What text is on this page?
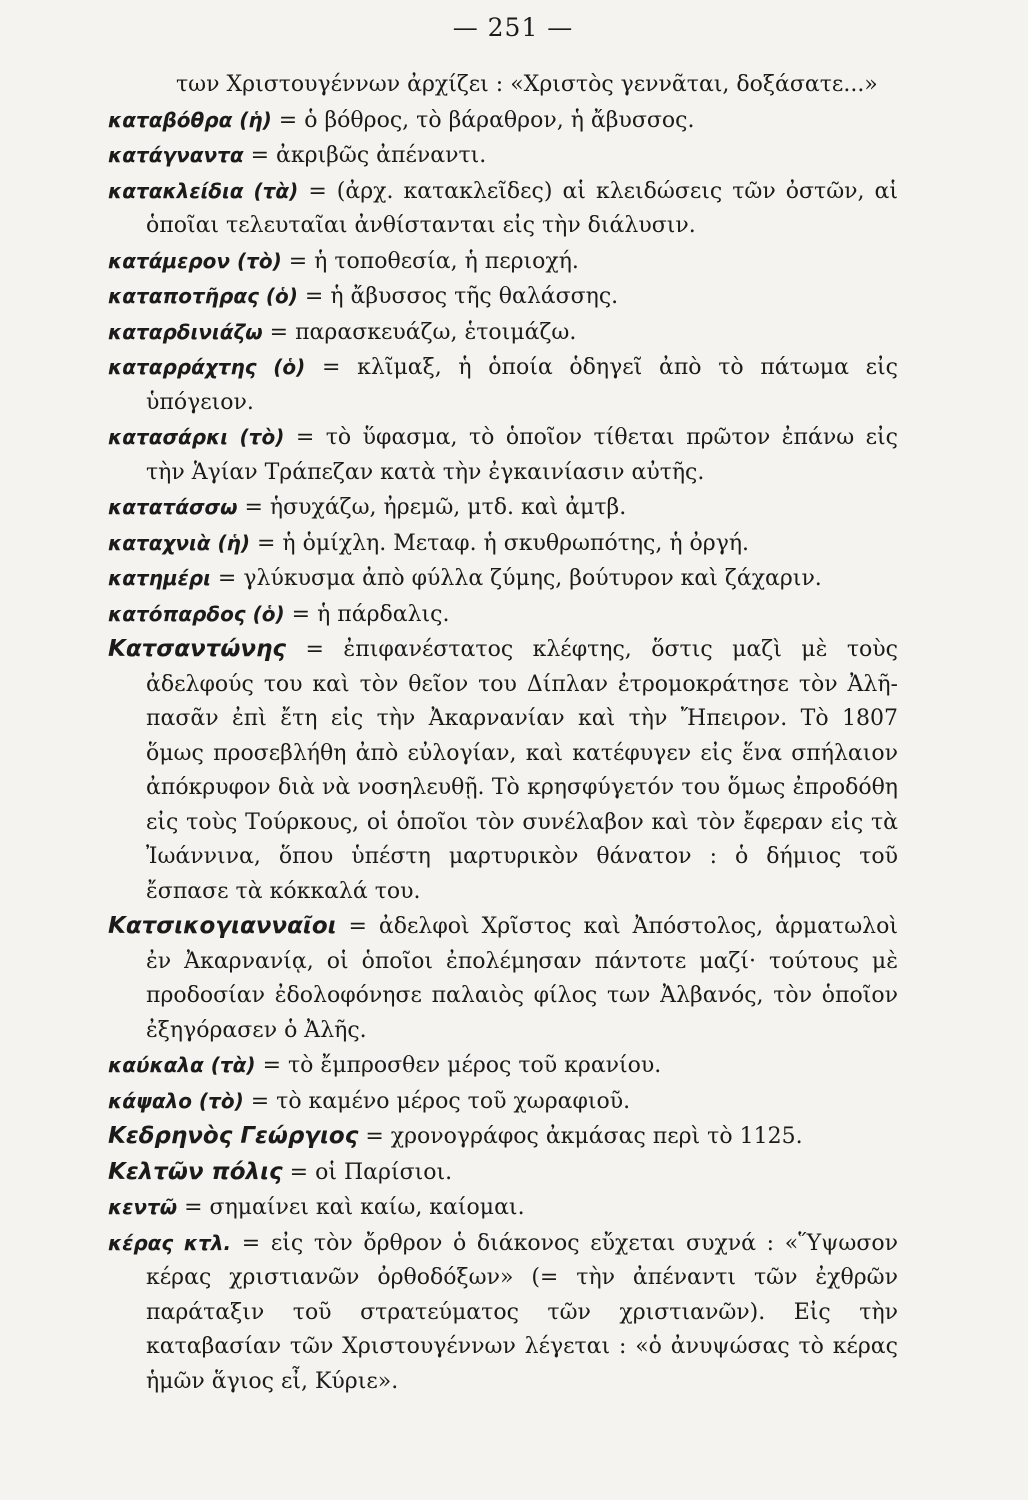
— 251 —

των Χριστουγέννων ἀρχίζει : «Χριστὸς γεννᾶται, δοξάσατε...»

καταβόθρα (ἡ) = ὁ βόθρος, τὸ βάραθρον, ἡ ἄβυσσος.

κατάγναντα = ἀκριβῶς ἀπέναντι.

κατακλείδια (τὰ) = (ἀρχ. κατακλεῖδες) αἱ κλειδώσεις τῶν ὀστῶν, αἱ ὁποῖαι τελευταῖαι ἀνθίστανται εἰς τὴν διάλυσιν.

κατάμερον (τὸ) = ἡ τοποθεσία, ἡ περιοχή.

καταποτῆρας (ὁ) = ἡ ἄβυσσος τῆς θαλάσσης.

καταρδινιάζω = παρασκευάζω, ἑτοιμάζω.

καταρράχτης (ὁ) = κλῖμαξ, ἡ ὁποία ὁδηγεῖ ἀπὸ τὸ πάτωμα εἰς ὑπόγειον.

κατασάρκι (τὸ) = τὸ ὕφασμα, τὸ ὁποῖον τίθεται πρῶτον ἐπάνω εἰς τὴν Ἁγίαν Τράπεζαν κατὰ τὴν ἐγκαινίασιν αὐτῆς.

κατατάσσω = ἡσυχάζω, ἠρεμῶ, μτδ. καὶ ἀμτβ.

καταχνιὰ (ἡ) = ἡ ὁμίχλη. Μεταφ. ἡ σκυθρωπότης, ἡ ὀργή.

κατημέρι = γλύκυσμα ἀπὸ φύλλα ζύμης, βούτυρον καὶ ζάχαριν.

κατόπαρδος (ὁ) = ἡ πάρδαλις.

Κατσαντώνης = ἐπιφανέστατος κλέφτης, ὅστις μαζὶ μὲ τοὺς ἀδελφούς του καὶ τὸν θεῖον του Δίπλαν ἐτρομοκράτησε τὸν Ἀλῆ-πασᾶν ἐπὶ ἔτη εἰς τὴν Ἀκαρνανίαν καὶ τὴν Ἤπειρον. Τὸ 1807 ὅμως προσεβλήθη ἀπὸ εὐλογίαν, καὶ κατέφυγεν εἰς ἕνα σπήλαιον ἀπόκρυφον διὰ νὰ νοσηλευθῇ. Τὸ κρησφύγετόν του ὅμως ἐπροδόθη εἰς τοὺς Τούρκους, οἱ ὁποῖοι τὸν συνέλαβον καὶ τὸν ἔφεραν εἰς τὰ Ἰωάννινα, ὅπου ὑπέστη μαρτυρικὸν θάνατον : ὁ δήμιος τοῦ ἔσπασε τὰ κόκκαλά του.

Κατσικογιανναῖοι = ἀδελφοὶ Χρῖστος καὶ Ἀπόστολος, ἁρματωλοὶ ἐν Ἀκαρνανίᾳ, οἱ ὁποῖοι ἐπολέμησαν πάντοτε μαζί· τούτους μὲ προδοσίαν ἐδολοφόνησε παλαιὸς φίλος των Ἀλβανός, τὸν ὁποῖον ἐξηγόρασεν ὁ Ἀλῆς.

καύκαλα (τὰ) = τὸ ἔμπροσθεν μέρος τοῦ κρανίου.

κάψαλο (τὸ) = τὸ καμένο μέρος τοῦ χωραφιοῦ.

Κεδρηνὸς Γεώργιος = χρονογράφος ἀκμάσας περὶ τὸ 1125.

Κελτῶν πόλις = οἱ Παρίσιοι.

κεντῶ = σημαίνει καὶ καίω, καίομαι.

κέρας κτλ. = εἰς τὸν ὄρθρον ὁ διάκονος εὔχεται συχνά : «Ὕψωσον κέρας χριστιανῶν ὀρθοδόξων» (= τὴν ἀπέναντι τῶν ἐχθρῶν παράταξιν τοῦ στρατεύματος τῶν χριστιανῶν). Εἰς τὴν καταβασίαν τῶν Χριστουγέννων λέγεται : «ὁ ἀνυψώσας τὸ κέρας ἡμῶν ἅγιος εἶ, Κύριε».
